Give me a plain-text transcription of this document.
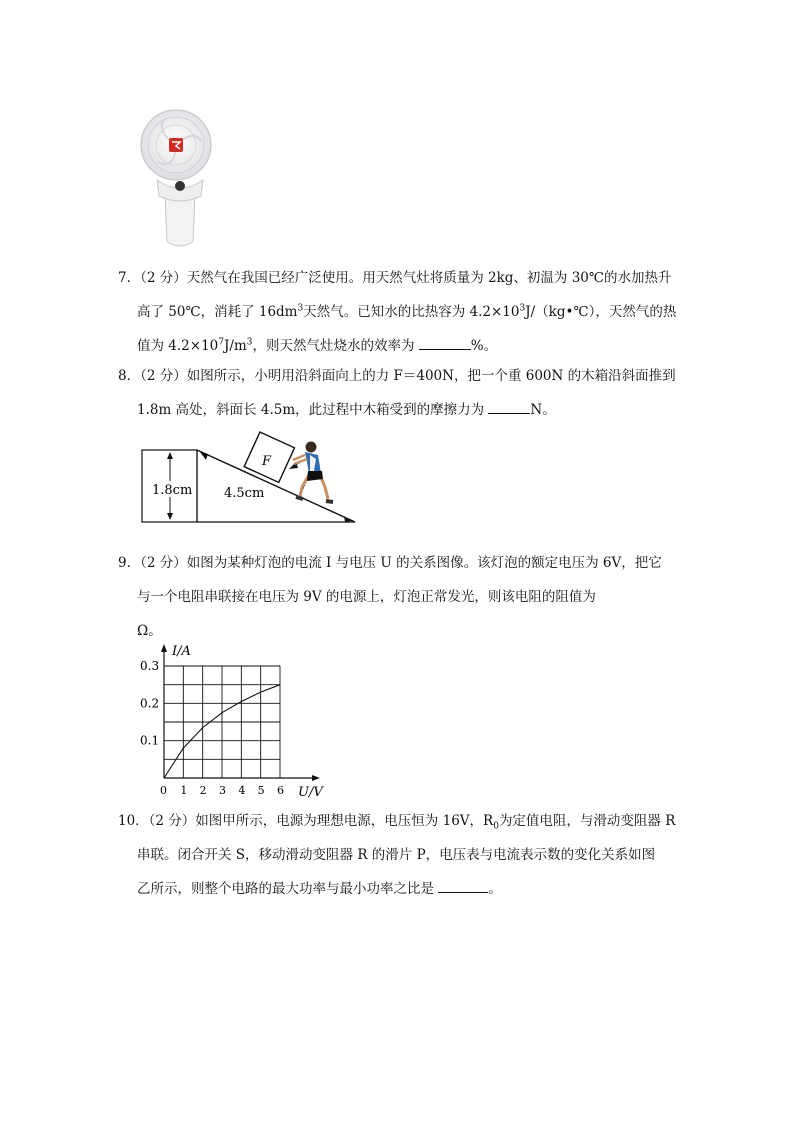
7．（2 分）天然气在我国已经广泛使用。用天然气灶将质量为 2kg、初温为 30℃的水加热升
高了 50℃，消耗了 $16dm^3$天然气。已知水的比热容为 $4.2\times 10^3J/(kg•℃)$，天然气的热
值为 $4.2\times 10^7J/m^3$，则天然气灶烧水的效率为	%。
8．（2 分）如图所示，小明用沿斜面向上的力 F＝400N，把一个重 600N 的木箱沿斜面推到
1.8m 高处，斜面长 4.5m，此过程中木箱受到的摩擦力为	N。
1.8cm 4.5cm
F
9．（2 分）如图为某种灯泡的电流 I 与电压 U 的关系图像。该灯泡的额定电压为 6V，把它
与一个电阻串联接在电压为 9V 的电源上，灯泡正常发光，则该电阻的阻值为
Ω。
0 1 2 3 4 5 6
0.1
0.2
0.3
I/A
U/V
10．（2 分）如图甲所示，电源为理想电源，电压恒为 16V，$R_0$为定值电阻，与滑动变阻器 R
串联。闭合开关 S，移动滑动变阻器 R 的滑片 P，电压表与电流表示数的变化关系如图
乙所示，则整个电路的最大功率与最小功率之比是	。
